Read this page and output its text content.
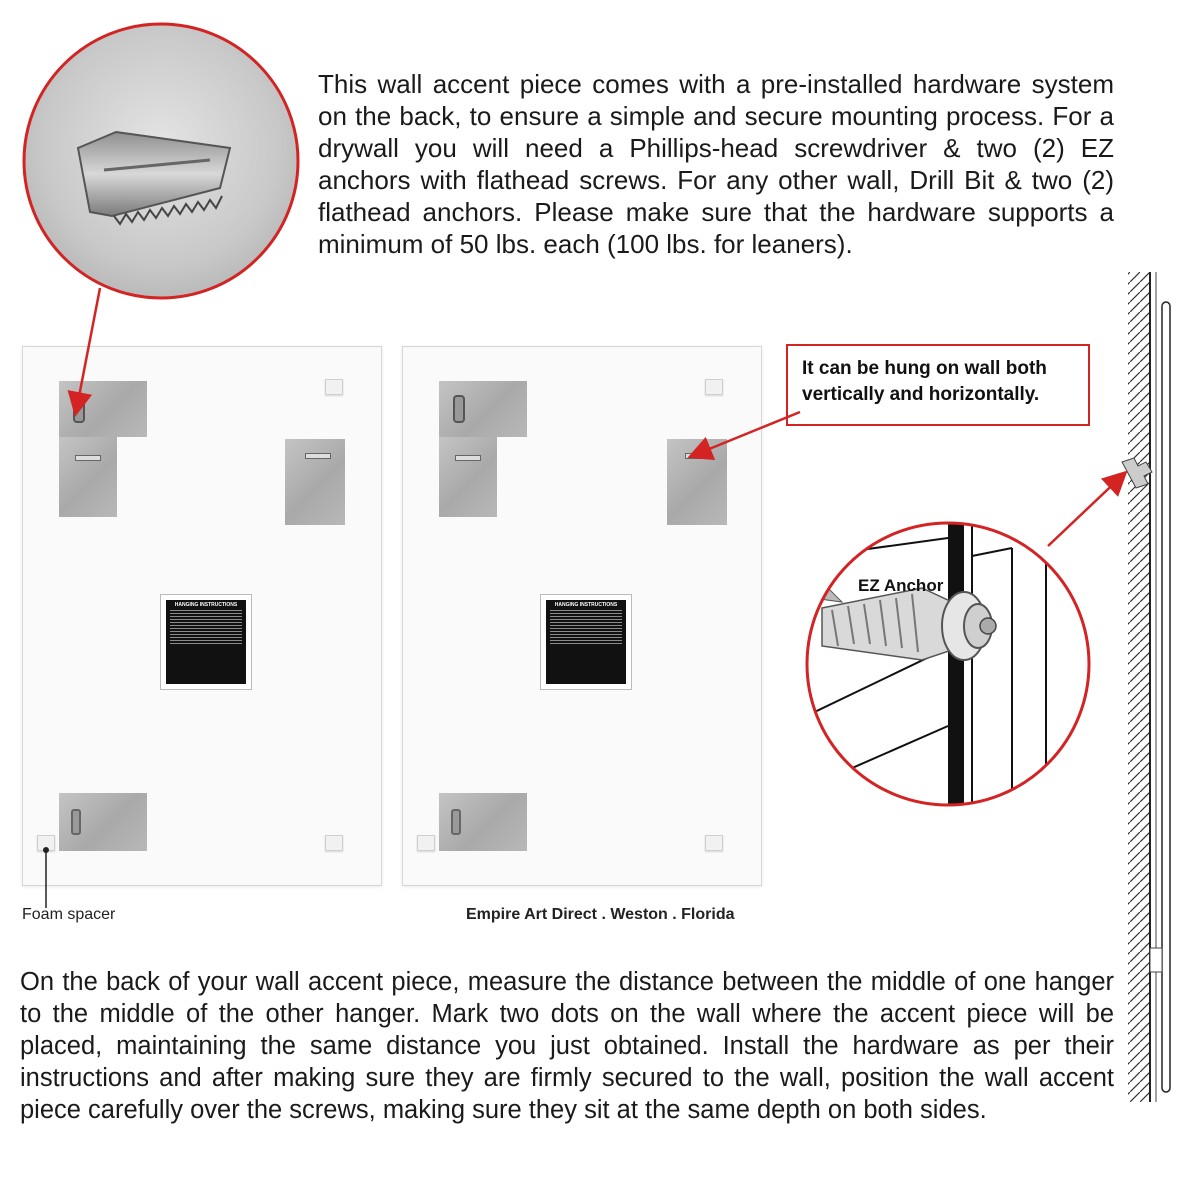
This wall accent piece comes with a pre-installed hardware system on the back, to ensure a simple and secure mounting process. For a drywall you will need a Phillips-head screwdriver & two (2) EZ anchors with flathead screws. For any other wall, Drill Bit & two (2) flathead anchors. Please make sure that the hardware supports a minimum of 50 lbs. each (100 lbs. for leaners).
HANGING INSTRUCTIONS	HANGING INSTRUCTIONS
It can be hung on wall both vertically and horizontally.
EZ Anchor
Foam spacer	Empire Art Direct . Weston . Florida
On the back of your wall accent piece, measure the distance between the middle of one hanger to the middle of the other hanger. Mark two dots on the wall where the accent piece will be placed, maintaining the same distance you just obtained. Install the hardware as per their instructions and after making sure they are firmly secured to the wall, position the wall accent piece carefully over the screws, making sure they sit at the same depth on both sides.
